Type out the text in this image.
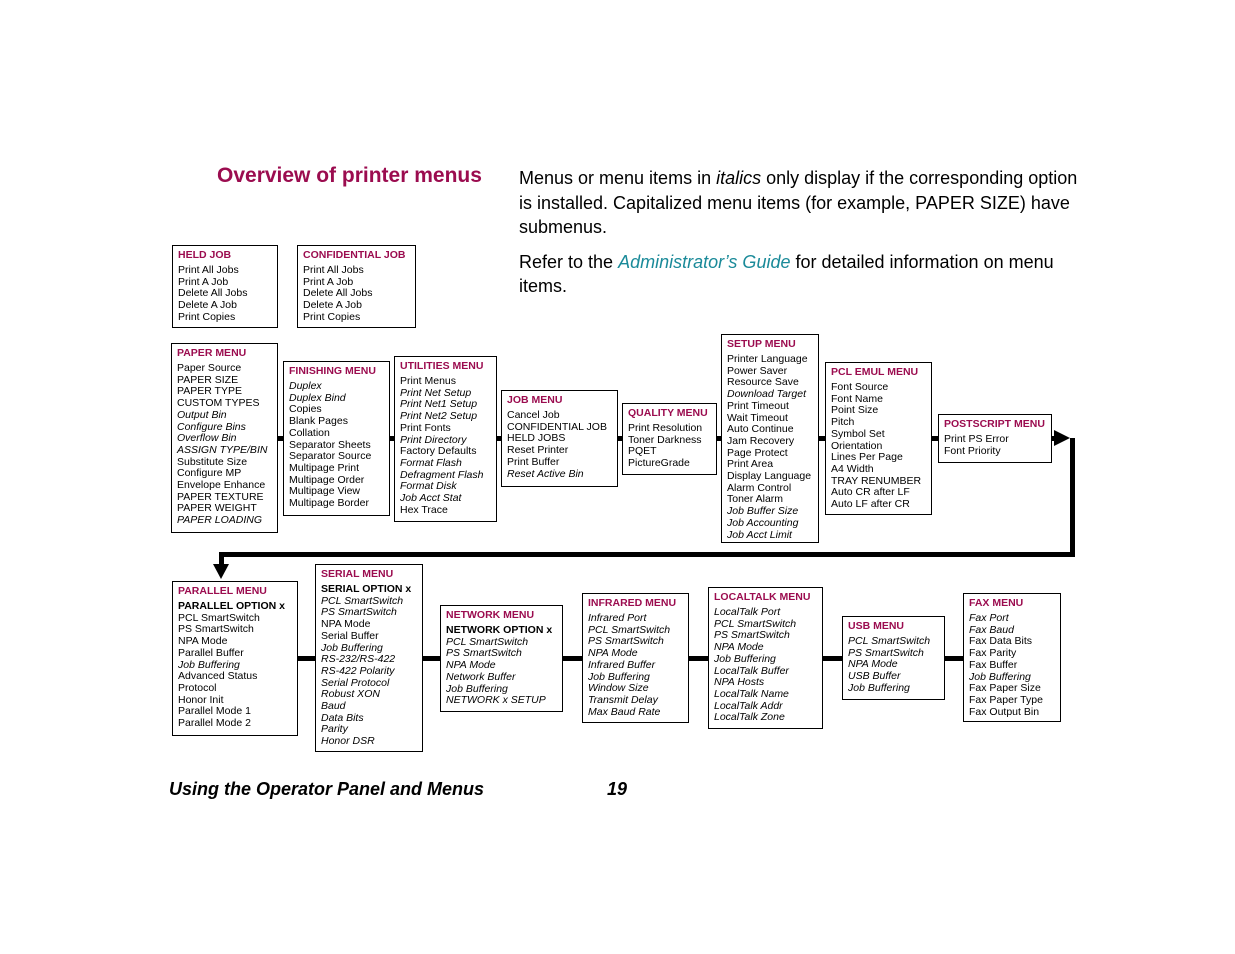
Overview of printer menus Menus or menu items in italics only display if the corresponding option is installed. Capitalized menu items (for example, PAPER SIZE) have submenus.

Refer to the Administrator’s Guide for detailed information on menu items.

HELD JOB
Print All Jobs
Print A Job
Delete All Jobs
Delete A Job
Print Copies
CONFIDENTIAL JOB
Print All Jobs
Print A Job
Delete All Jobs
Delete A Job
Print Copies
PAPER MENU
Paper Source
PAPER SIZE
PAPER TYPE
CUSTOM TYPES
Output Bin
Configure Bins
Overflow Bin
ASSIGN TYPE/BIN
Substitute Size
Configure MP
Envelope Enhance
PAPER TEXTURE
PAPER WEIGHT
PAPER LOADING
FINISHING MENU
Duplex
Duplex Bind
Copies
Blank Pages
Collation
Separator Sheets
Separator Source
Multipage Print
Multipage Order
Multipage View
Multipage Border
UTILITIES MENU
Print Menus
Print Net Setup
Print Net1 Setup
Print Net2 Setup
Print Fonts
Print Directory
Factory Defaults
Format Flash
Defragment Flash
Format Disk
Job Acct Stat
Hex Trace
JOB MENU
Cancel Job
CONFIDENTIAL JOB
HELD JOBS
Reset Printer
Print Buffer
Reset Active Bin
QUALITY MENU
Print Resolution
Toner Darkness
PQET
PictureGrade
SETUP MENU
Printer Language
Power Saver
Resource Save
Download Target
Print Timeout
Wait Timeout
Auto Continue
Jam Recovery
Page Protect
Print Area
Display Language
Alarm Control
Toner Alarm
Job Buffer Size
Job Accounting
Job Acct Limit
PCL EMUL MENU
Font Source
Font Name
Point Size
Pitch
Symbol Set
Orientation
Lines Per Page
A4 Width
TRAY RENUMBER
Auto CR after LF
Auto LF after CR
POSTSCRIPT MENU
Print PS Error
Font Priority
PARALLEL MENU
PARALLEL OPTION x
PCL SmartSwitch
PS SmartSwitch
NPA Mode
Parallel Buffer
Job Buffering
Advanced Status
Protocol
Honor Init
Parallel Mode 1
Parallel Mode 2
SERIAL MENU
SERIAL OPTION x
PCL SmartSwitch
PS SmartSwitch
NPA Mode
Serial Buffer
Job Buffering
RS-232/RS-422
RS-422 Polarity
Serial Protocol
Robust XON
Baud
Data Bits
Parity
Honor DSR
NETWORK MENU
NETWORK OPTION x
PCL SmartSwitch
PS SmartSwitch
NPA Mode
Network Buffer
Job Buffering
NETWORK x SETUP
INFRARED MENU
Infrared Port
PCL SmartSwitch
PS SmartSwitch
NPA Mode
Infrared Buffer
Job Buffering
Window Size
Transmit Delay
Max Baud Rate
LOCALTALK MENU
LocalTalk Port
PCL SmartSwitch
PS SmartSwitch
NPA Mode
Job Buffering
LocalTalk Buffer
NPA Hosts
LocalTalk Name
LocalTalk Addr
LocalTalk Zone
USB MENU
PCL SmartSwitch
PS SmartSwitch
NPA Mode
USB Buffer
Job Buffering
FAX MENU
Fax Port
Fax Baud
Fax Data Bits
Fax Parity
Fax Buffer
Job Buffering
Fax Paper Size
Fax Paper Type
Fax Output Bin
Using the Operator Panel and Menus	19
